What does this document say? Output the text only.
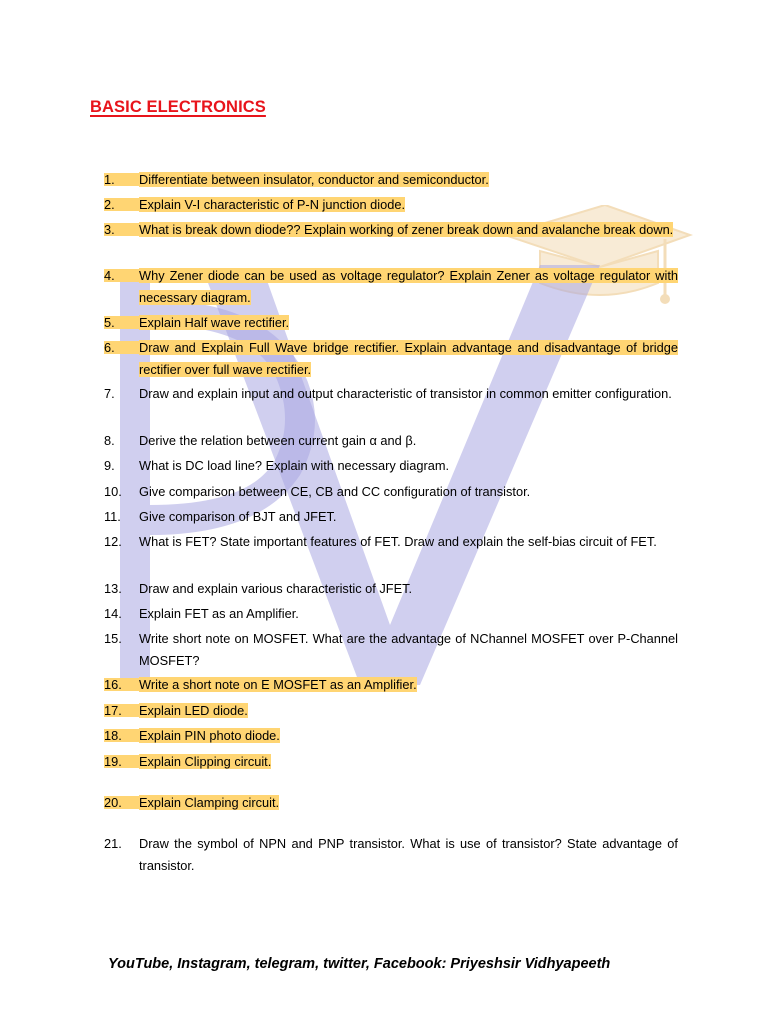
BASIC ELECTRONICS
1.	Differentiate between insulator, conductor and semiconductor.
2.	Explain V-I characteristic of P-N junction diode.
3.	What is break down diode?? Explain working of zener break down and avalanche break down.
4.	Why Zener diode can be used as voltage regulator? Explain Zener as voltage regulator with necessary diagram.
5.	Explain Half wave rectifier.
6.	Draw and Explain Full Wave bridge rectifier. Explain advantage and disadvantage of bridge rectifier over full wave rectifier.
7.	Draw and explain input and output characteristic of transistor in common emitter configuration.
8.	Derive the relation between current gain α and β.
9.	What is DC load line? Explain with necessary diagram.
10.	Give comparison between CE, CB and CC configuration of transistor.
11.	Give comparison of BJT and JFET.
12.	What is FET? State important features of FET. Draw and explain the self-bias circuit of FET.
13.	Draw and explain various characteristic of JFET.
14.	Explain FET as an Amplifier.
15.	Write short note on MOSFET. What are the advantage of NChannel MOSFET over P-Channel MOSFET?
16.	Write a short note on E MOSFET as an Amplifier.
17.	Explain LED diode.
18.	Explain PIN photo diode.
19.	Explain Clipping circuit.
20.	Explain Clamping circuit.
21.	Draw the symbol of NPN and PNP transistor. What is use of transistor? State advantage of transistor.
YouTube, Instagram, telegram, twitter, Facebook: Priyeshsir Vidhyapeeth
